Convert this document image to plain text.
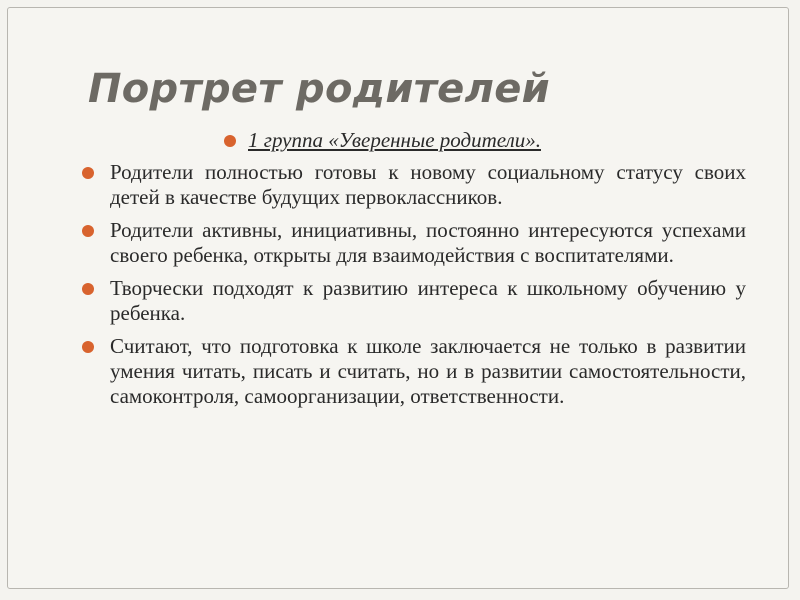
Портрет родителей
1 группа «Уверенные родители».
Родители полностью готовы к новому социальному статусу своих детей в качестве будущих первоклассников.
Родители активны, инициативны, постоянно интересуются успехами своего ребенка, открыты для взаимодействия с воспитателями.
Творчески подходят к развитию интереса к школьному обучению у ребенка.
Считают, что подготовка к школе заключается не только в развитии умения читать, писать и считать, но и в развитии самостоятельности, самоконтроля, самоорганизации, ответственности.
